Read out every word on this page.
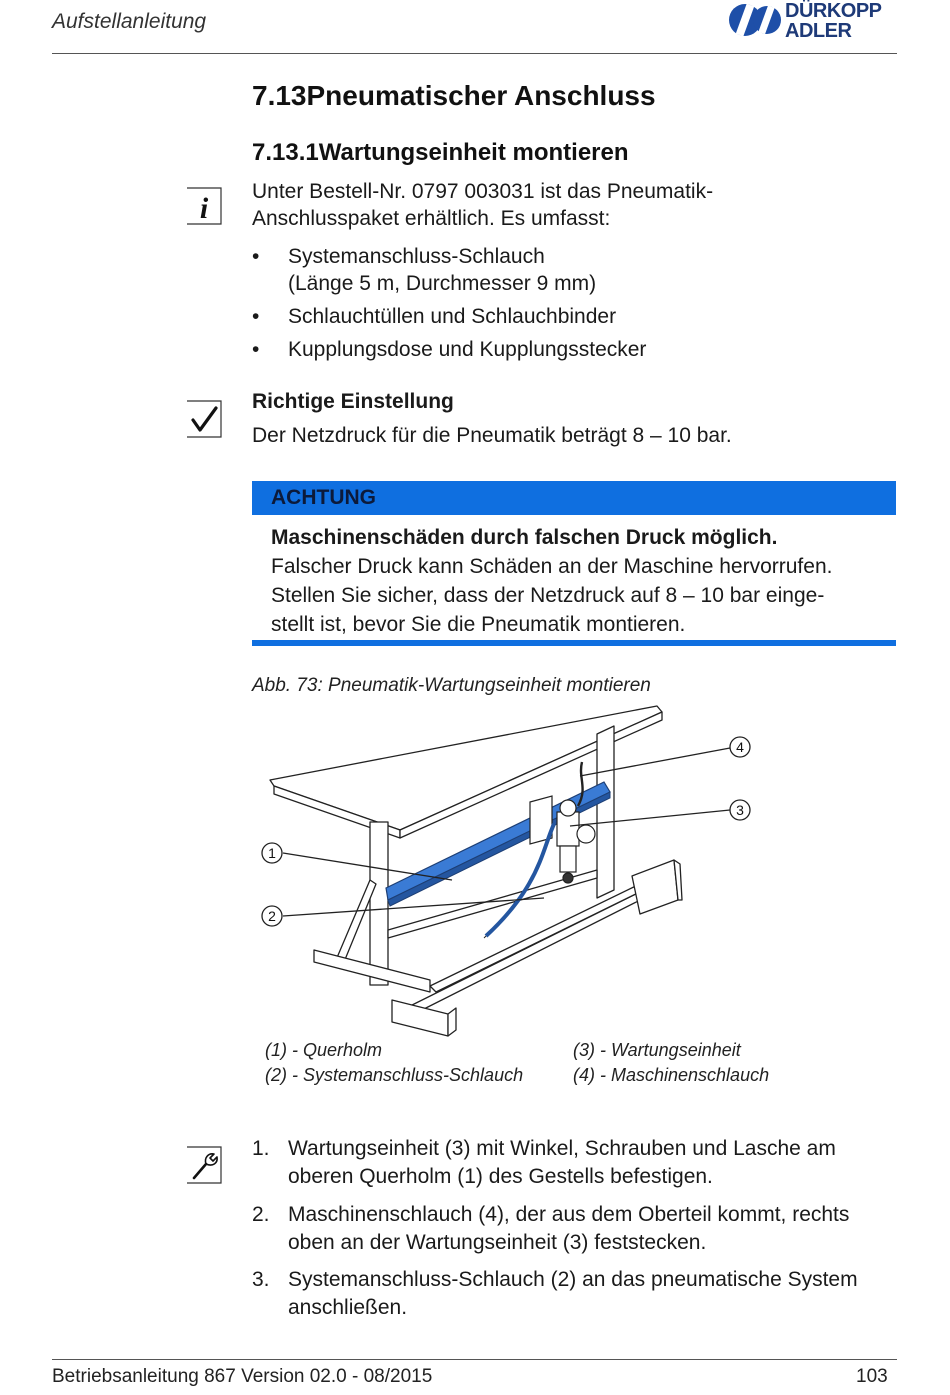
Aufstellanleitung	DÜRKOPP
ADLER
7.13Pneumatischer Anschluss
7.13.1Wartungseinheit montieren
i
Unter Bestell-Nr. 0797 003031 ist das Pneumatik-
Anschlusspaket erhältlich. Es umfasst:
• Systemanschluss-Schlauch
(Länge 5 m, Durchmesser 9 mm)
• Schlauchtüllen und Schlauchbinder
• Kupplungsdose und Kupplungsstecker
Richtige Einstellung
Der Netzdruck für die Pneumatik beträgt 8 – 10 bar.
ACHTUNG
Maschinenschäden durch falschen Druck möglich.
Falscher Druck kann Schäden an der Maschine hervorrufen.
Stellen Sie sicher, dass der Netzdruck auf 8 – 10 bar einge-
stellt ist, bevor Sie die Pneumatik montieren.
Abb. 73: Pneumatik-Wartungseinheit montieren
1
2
3
4
(1) - Querholm
(2) - Systemanschluss-Schlauch
(3) - Wartungseinheit
(4) - Maschinenschlauch
1. Wartungseinheit (3) mit Winkel, Schrauben und Lasche am
oberen Querholm (1) des Gestells befestigen.
2. Maschinenschlauch (4), der aus dem Oberteil kommt, rechts
oben an der Wartungseinheit (3) feststecken.
3. Systemanschluss-Schlauch (2) an das pneumatische System
anschließen.
Betriebsanleitung 867 Version 02.0 - 08/2015	103
